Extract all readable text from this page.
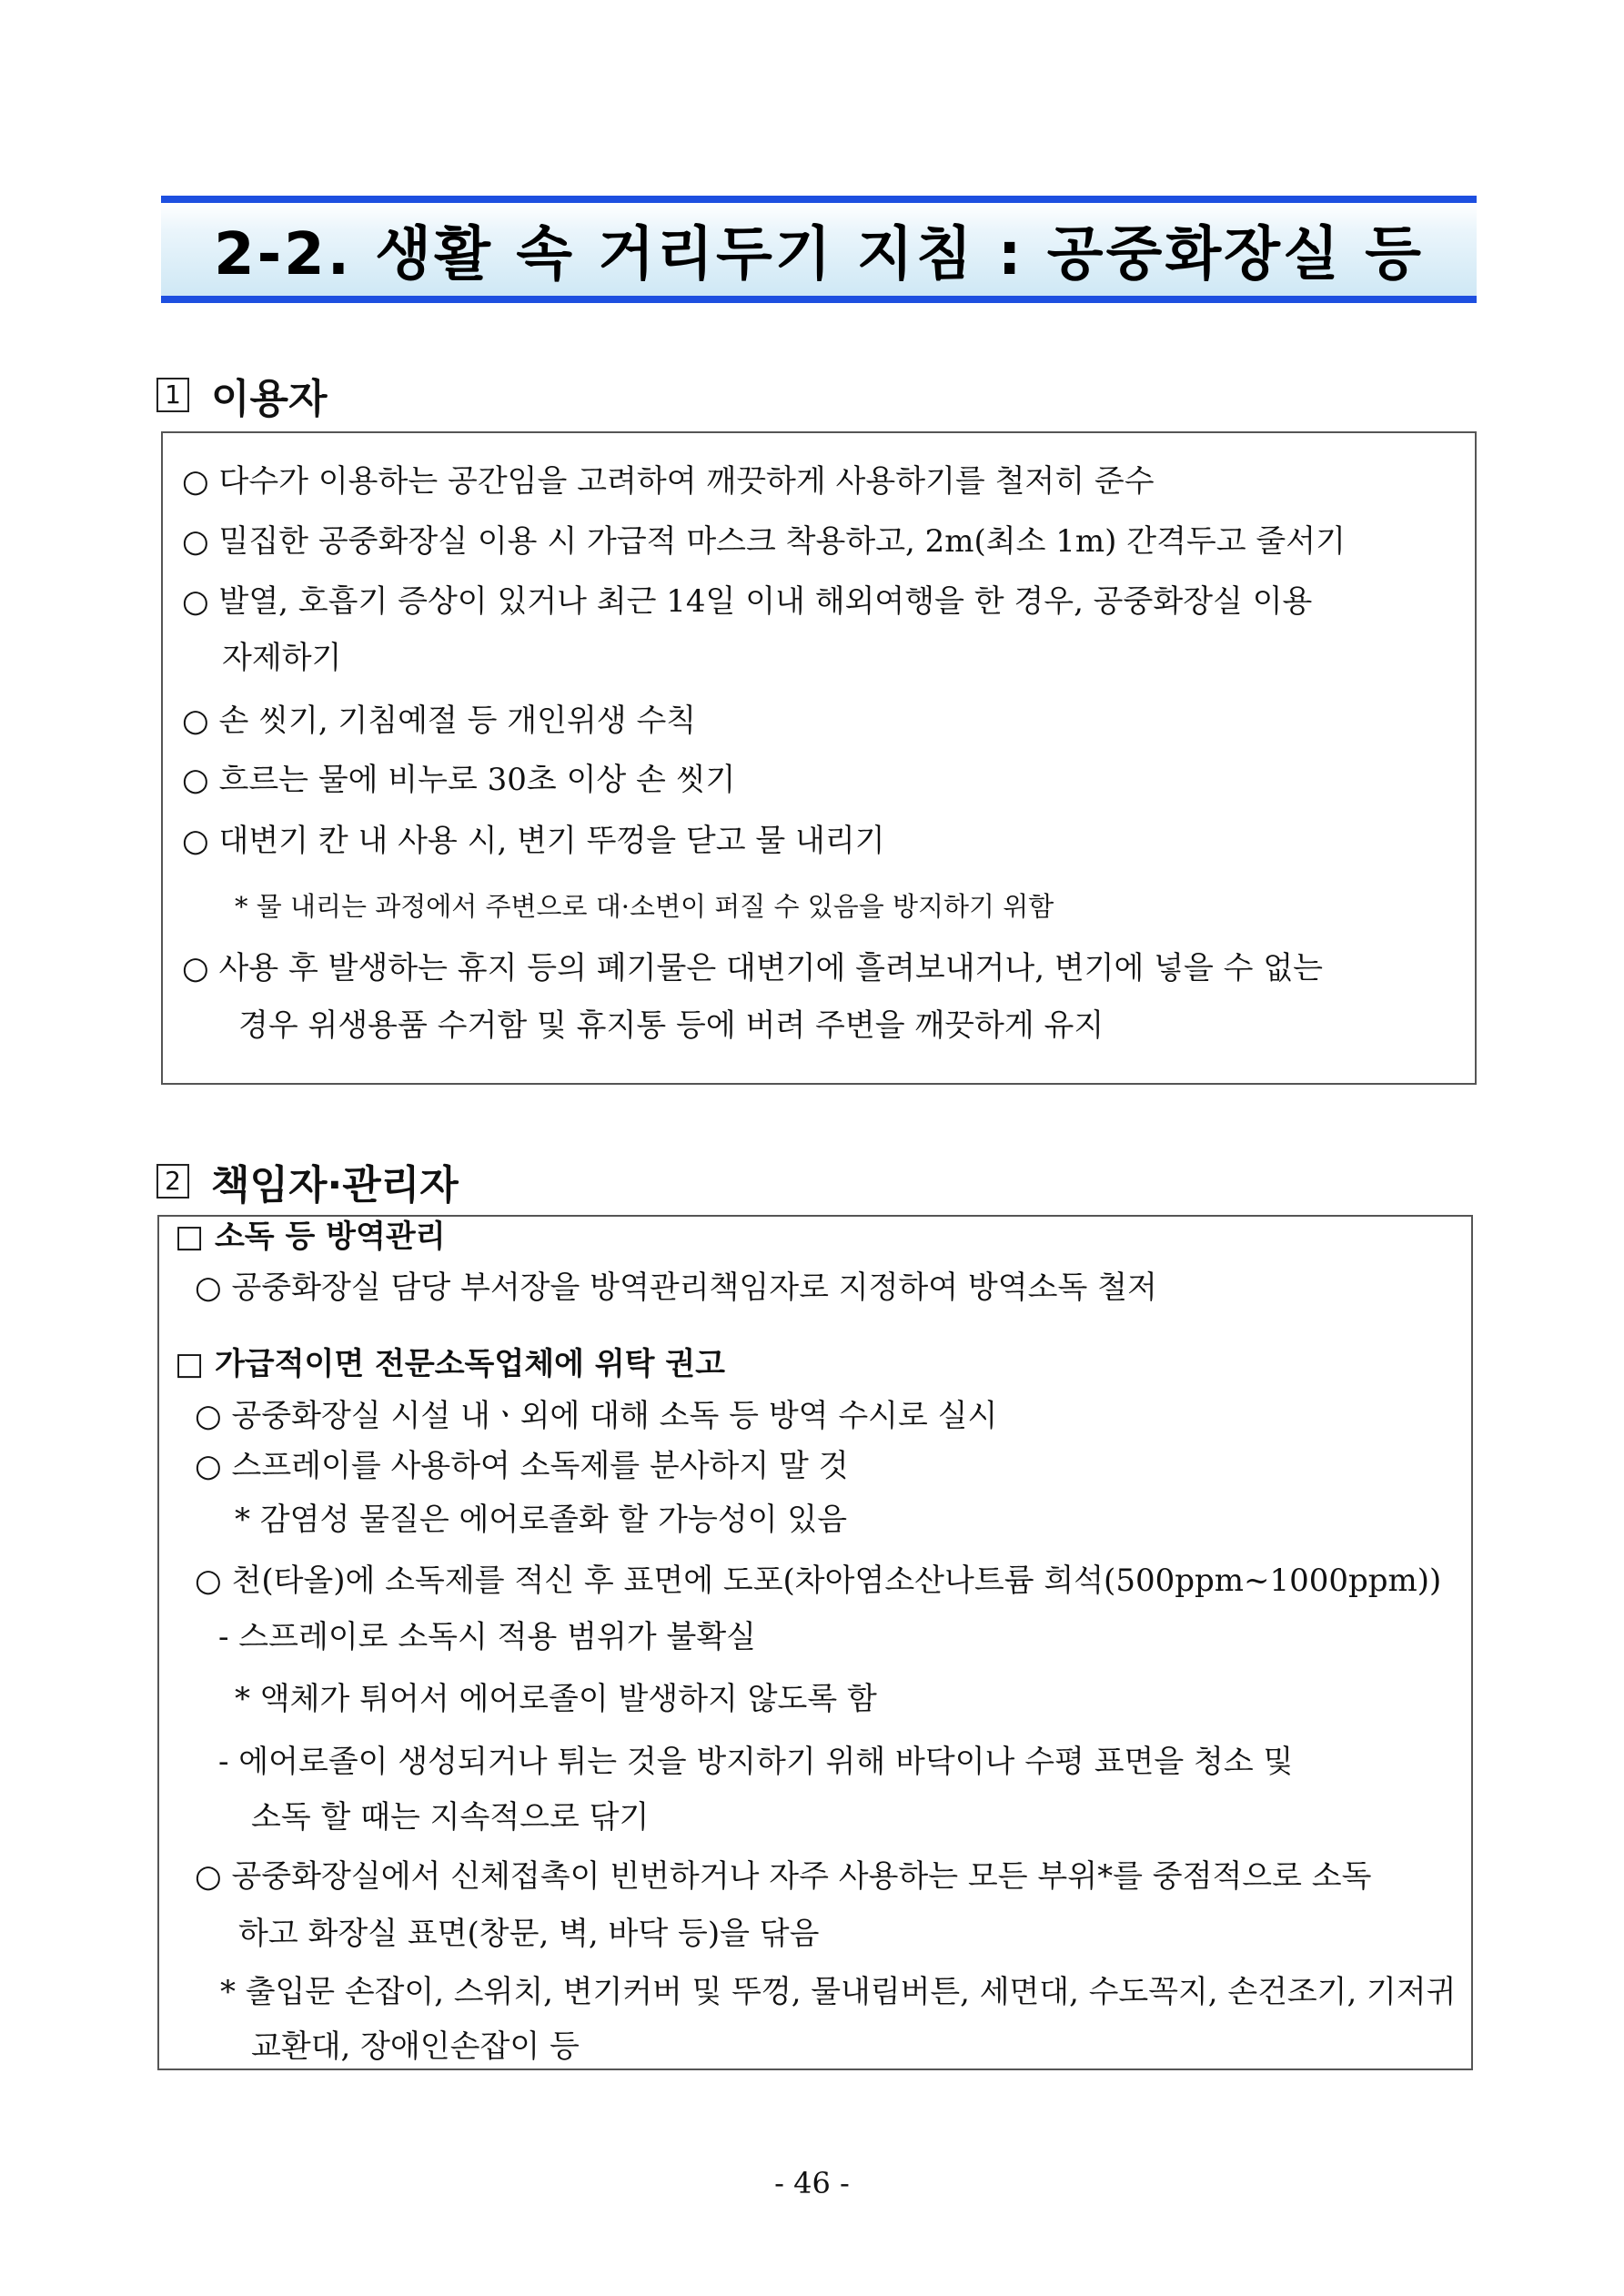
2-2. 생활 속 거리두기 지침 : 공중화장실 등
1 이용자
○ 다수가 이용하는 공간임을 고려하여 깨끗하게 사용하기를 철저히 준수
○ 밀집한 공중화장실 이용 시 가급적 마스크 착용하고, 2m(최소 1m) 간격두고 줄서기
○ 발열, 호흡기 증상이 있거나 최근 14일 이내 해외여행을 한 경우, 공중화장실 이용
자제하기
○ 손 씻기, 기침예절 등 개인위생 수칙
○ 흐르는 물에 비누로 30초 이상 손 씻기
○ 대변기 칸 내 사용 시, 변기 뚜껑을 닫고 물 내리기
* 물 내리는 과정에서 주변으로 대·소변이 퍼질 수 있음을 방지하기 위함
○ 사용 후 발생하는 휴지 등의 폐기물은 대변기에 흘려보내거나, 변기에 넣을 수 없는
경우 위생용품 수거함 및 휴지통 등에 버려 주변을 깨끗하게 유지
2 책임자·관리자
□ 소독 등 방역관리
○ 공중화장실 담당 부서장을 방역관리책임자로 지정하여 방역소독 철저
□ 가급적이면 전문소독업체에 위탁 권고
○ 공중화장실 시설 내ㆍ외에 대해 소독 등 방역 수시로 실시
○ 스프레이를 사용하여 소독제를 분사하지 말 것
* 감염성 물질은 에어로졸화 할 가능성이 있음
○ 천(타올)에 소독제를 적신 후 표면에 도포(차아염소산나트륨 희석(500ppm~1000ppm))
- 스프레이로 소독시 적용 범위가 불확실
* 액체가 튀어서 에어로졸이 발생하지 않도록 함
- 에어로졸이 생성되거나 튀는 것을 방지하기 위해 바닥이나 수평 표면을 청소 및
소독 할 때는 지속적으로 닦기
○ 공중화장실에서 신체접촉이 빈번하거나 자주 사용하는 모든 부위*를 중점적으로 소독
하고 화장실 표면(창문, 벽, 바닥 등)을 닦음
* 출입문 손잡이, 스위치, 변기커버 및 뚜껑, 물내림버튼, 세면대, 수도꼭지, 손건조기, 기저귀
교환대, 장애인손잡이 등
- 46 -
